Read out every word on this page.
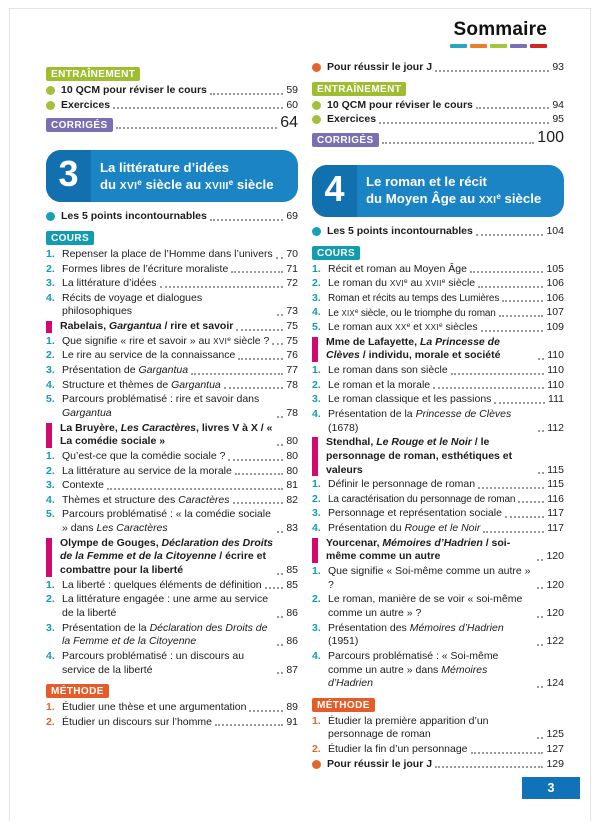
Sommaire
ENTRAÎNEMENT
10 QCM pour réviser le cours	59
Exercices	60
CORRIGÉS	64
3	La littérature d’idées
du XVIe siècle au XVIIIe siècle
Les 5 points incontournables	69
COURS
1. Repenser la place de l’Homme dans l’univers 70
2. Formes libres de l’écriture moraliste	71
3. La littérature d’idées	72
4. Récits de voyage et dialogues philosophiques	73
Rabelais, Gargantua / rire et savoir	75
1. Que signifie « rire et savoir » au XVIe siècle ? 75
2. Le rire au service de la connaissance	76
3. Présentation de Gargantua	77
4. Structure et thèmes de Gargantua	78
5. Parcours problématisé : rire et savoir dans Gargantua	78
La Bruyère, Les Caractères, livres V à X / « La comédie sociale »	80
1. Qu’est-ce que la comédie sociale ?	80
2. La littérature au service de la morale	80
3. Contexte	81
4. Thèmes et structure des Caractères	82
5. Parcours problématisé : « la comédie sociale » dans Les Caractères	83
Olympe de Gouges, Déclaration des Droits de la Femme et de la Citoyenne / écrire et combattre pour la liberté	85
1. La liberté : quelques éléments de définition 85
2. La littérature engagée : une arme au service de la liberté	86
3. Présentation de la Déclaration des Droits de la Femme et de la Citoyenne	86
4. Parcours problématisé : un discours au service de la liberté	87
MÉTHODE
1. Étudier une thèse et une argumentation	89
2. Étudier un discours sur l’homme	91
Pour réussir le jour J	93
ENTRAÎNEMENT
10 QCM pour réviser le cours	94
Exercices	95
CORRIGÉS	100
4	Le roman et le récit
du Moyen Âge au XXIe siècle
Les 5 points incontournables	104
COURS
1. Récit et roman au Moyen Âge	105
2. Le roman du XVIe au XVIIe siècle	106
3. Roman et récits au temps des Lumières	106
4. Le XIXe siècle, ou le triomphe du roman	107
5. Le roman aux XXe et XXIe siècles	109
Mme de Lafayette, La Princesse de Clèves / individu, morale et société	110
1. Le roman dans son siècle	110
2. Le roman et la morale	110
3. Le roman classique et les passions	111
4. Présentation de la Princesse de Clèves (1678)	112
Stendhal, Le Rouge et le Noir / le personnage de roman, esthétiques et valeurs	115
1. Définir le personnage de roman	115
2. La caractérisation du personnage de roman	116
3. Personnage et représentation sociale	117
4. Présentation du Rouge et le Noir	117
Yourcenar, Mémoires d’Hadrien / soi-même comme un autre	120
1. Que signifie « Soi-même comme un autre » ?	120
2. Le roman, manière de se voir « soi-même comme un autre » ?	120
3. Présentation des Mémoires d’Hadrien (1951)	122
4. Parcours problématisé : « Soi-même comme un autre » dans Mémoires d’Hadrien	124
MÉTHODE
1. Étudier la première apparition d’un personnage de roman	125
2. Étudier la fin d’un personnage	127
Pour réussir le jour J	129
3
